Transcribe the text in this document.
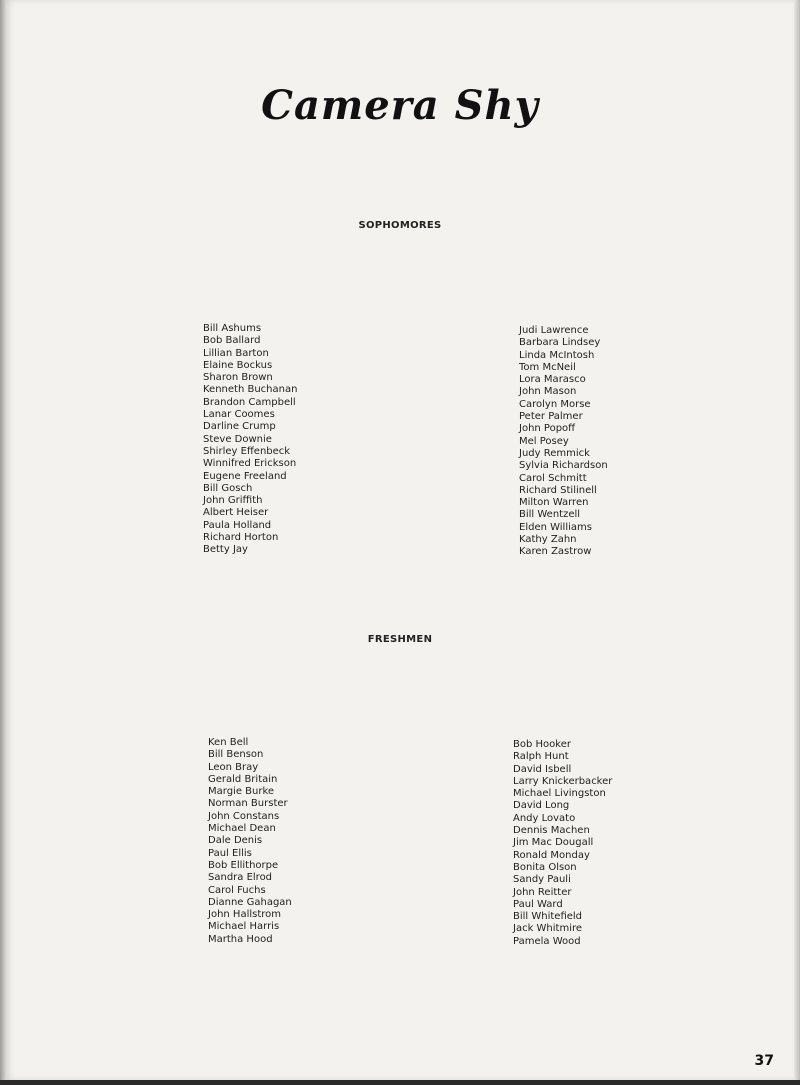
Camera Shy
SOPHOMORES
Bill Ashums
Bob Ballard
Lillian Barton
Elaine Bockus
Sharon Brown
Kenneth Buchanan
Brandon Campbell
Lanar Coomes
Darline Crump
Steve Downie
Shirley Effenbeck
Winnifred Erickson
Eugene Freeland
Bill Gosch
John Griffith
Albert Heiser
Paula Holland
Richard Horton
Betty Jay
Judi Lawrence
Barbara Lindsey
Linda McIntosh
Tom McNeil
Lora Marasco
John Mason
Carolyn Morse
Peter Palmer
John Popoff
Mel Posey
Judy Remmick
Sylvia Richardson
Carol Schmitt
Richard Stilinell
Milton Warren
Bill Wentzell
Elden Williams
Kathy Zahn
Karen Zastrow
FRESHMEN
Ken Bell
Bill Benson
Leon Bray
Gerald Britain
Margie Burke
Norman Burster
John Constans
Michael Dean
Dale Denis
Paul Ellis
Bob Ellithorpe
Sandra Elrod
Carol Fuchs
Dianne Gahagan
John Hallstrom
Michael Harris
Martha Hood
Bob Hooker
Ralph Hunt
David Isbell
Larry Knickerbacker
Michael Livingston
David Long
Andy Lovato
Dennis Machen
Jim Mac Dougall
Ronald Monday
Bonita Olson
Sandy Pauli
John Reitter
Paul Ward
Bill Whitefield
Jack Whitmire
Pamela Wood
37
